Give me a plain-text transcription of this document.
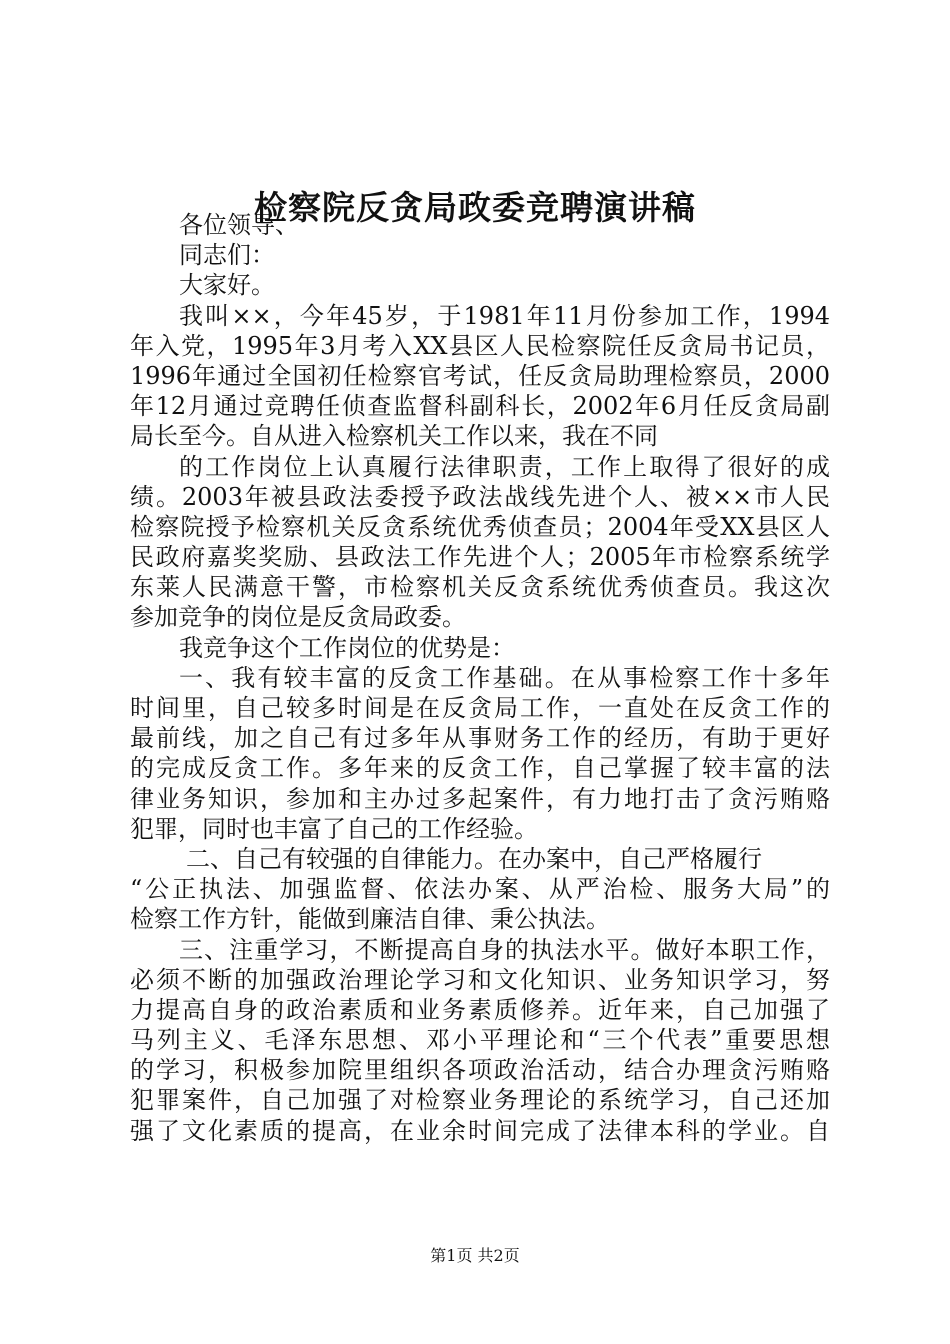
检察院反贪局政委竞聘演讲稿
各位领导、
同志们：
大家好。
我叫××，今年45岁，于1981年11月份参加工作，1994
年入党，1995年3月考入XX县区人民检察院任反贪局书记员，
1996年通过全国初任检察官考试，任反贪局助理检察员，2000
年12月通过竞聘任侦查监督科副科长，2002年6月任反贪局副
局长至今。自从进入检察机关工作以来，我在不同
的工作岗位上认真履行法律职责，工作上取得了很好的成
绩。2003年被县政法委授予政法战线先进个人、被××市人民
检察院授予检察机关反贪系统优秀侦查员；2004年受XX县区人
民政府嘉奖奖励、县政法工作先进个人；2005年市检察系统学
东莱人民满意干警，市检察机关反贪系统优秀侦查员。我这次
参加竞争的岗位是反贪局政委。
我竞争这个工作岗位的优势是：
一、我有较丰富的反贪工作基础。在从事检察工作十多年
时间里，自己较多时间是在反贪局工作，一直处在反贪工作的
最前线，加之自己有过多年从事财务工作的经历，有助于更好
的完成反贪工作。多年来的反贪工作，自己掌握了较丰富的法
律业务知识，参加和主办过多起案件，有力地打击了贪污贿赂
犯罪，同时也丰富了自己的工作经验。
二、自己有较强的自律能力。在办案中，自己严格履行
“公正执法、加强监督、依法办案、从严治检、服务大局”的
检察工作方针，能做到廉洁自律、秉公执法。
三、注重学习，不断提高自身的执法水平。做好本职工作，
必须不断的加强政治理论学习和文化知识、业务知识学习，努
力提高自身的政治素质和业务素质修养。近年来，自己加强了
马列主义、毛泽东思想、邓小平理论和“三个代表”重要思想
的学习，积极参加院里组织各项政治活动，结合办理贪污贿赂
犯罪案件，自己加强了对检察业务理论的系统学习，自己还加
强了文化素质的提高，在业余时间完成了法律本科的学业。自
第1页 共2页
